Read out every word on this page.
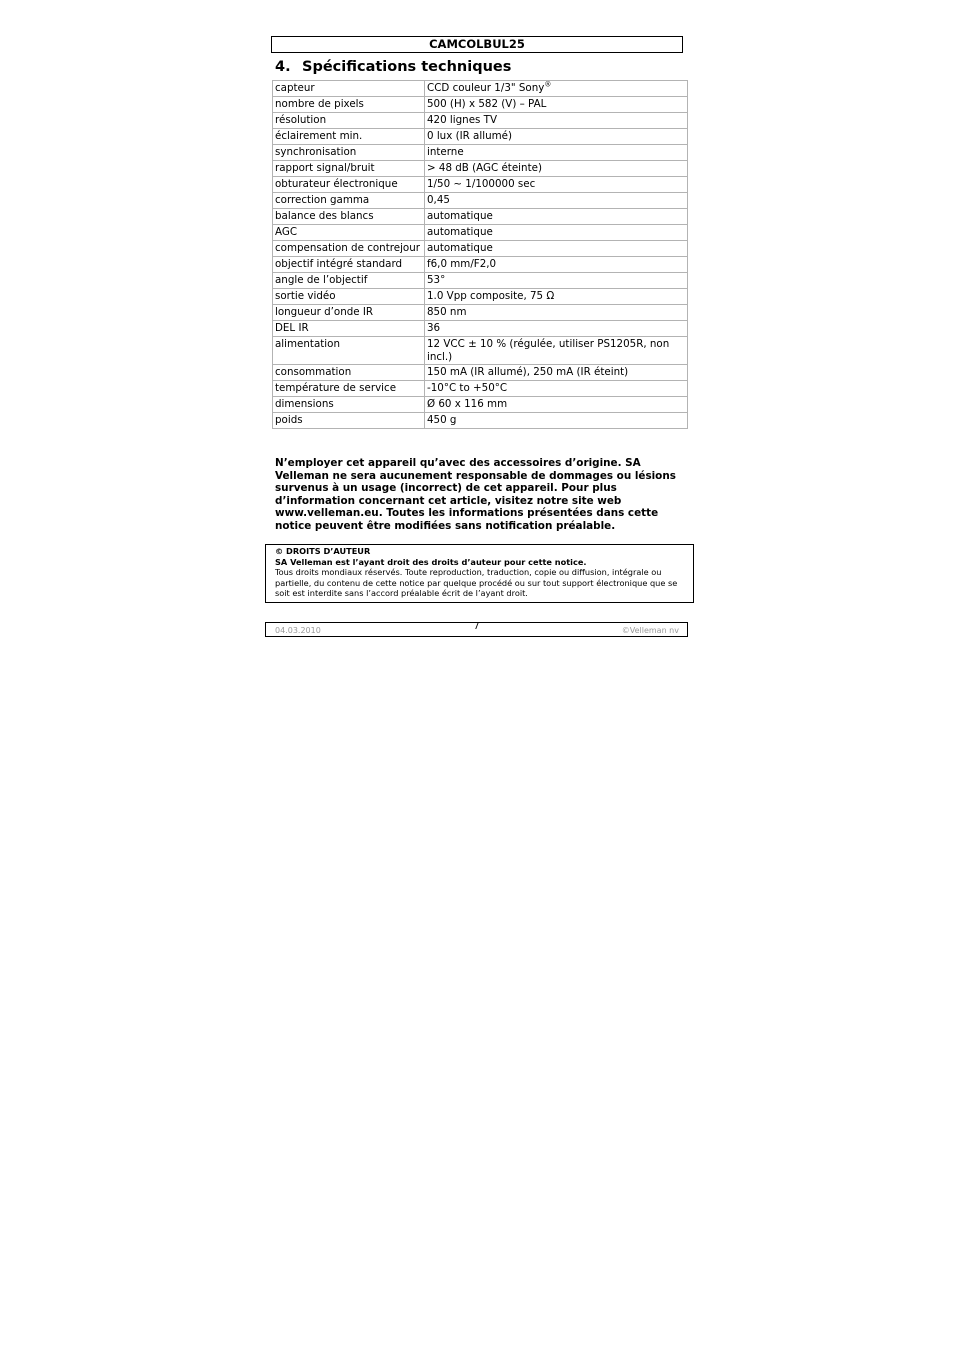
CAMCOLBUL25
4. Spécifications techniques
capteur	CCD couleur 1/3" Sony®
nombre de pixels	500 (H) x 582 (V) – PAL
résolution	420 lignes TV
éclairement min.	0 lux (IR allumé)
synchronisation	interne
rapport signal/bruit	> 48 dB (AGC éteinte)
obturateur électronique	1/50 ~ 1/100000 sec
correction gamma	0,45
balance des blancs	automatique
AGC	automatique
compensation de contrejour	automatique
objectif intégré standard	f6,0 mm/F2,0
angle de l’objectif	53°
sortie vidéo	1.0 Vpp composite, 75 Ω
longueur d’onde IR	850 nm
DEL IR	36
alimentation	12 VCC ± 10 % (régulée, utiliser PS1205R, non incl.)
consommation	150 mA (IR allumé), 250 mA (IR éteint)
température de service	-10°C to +50°C
dimensions	Ø 60 x 116 mm
poids	450 g
N’employer cet appareil qu’avec des accessoires d’origine. SA Velleman ne sera aucunement responsable de dommages ou lésions survenus à un usage (incorrect) de cet appareil. Pour plus d’information concernant cet article, visitez notre site web www.velleman.eu. Toutes les informations présentées dans cette notice peuvent être modifiées sans notification préalable.
© DROITS D’AUTEUR
SA Velleman est l’ayant droit des droits d’auteur pour cette notice.
Tous droits mondiaux réservés. Toute reproduction, traduction, copie ou diffusion, intégrale ou partielle, du contenu de cette notice par quelque procédé ou sur tout support électronique que se soit est interdite sans l’accord préalable écrit de l’ayant droit.
04.03.2010	7	©Velleman nv
